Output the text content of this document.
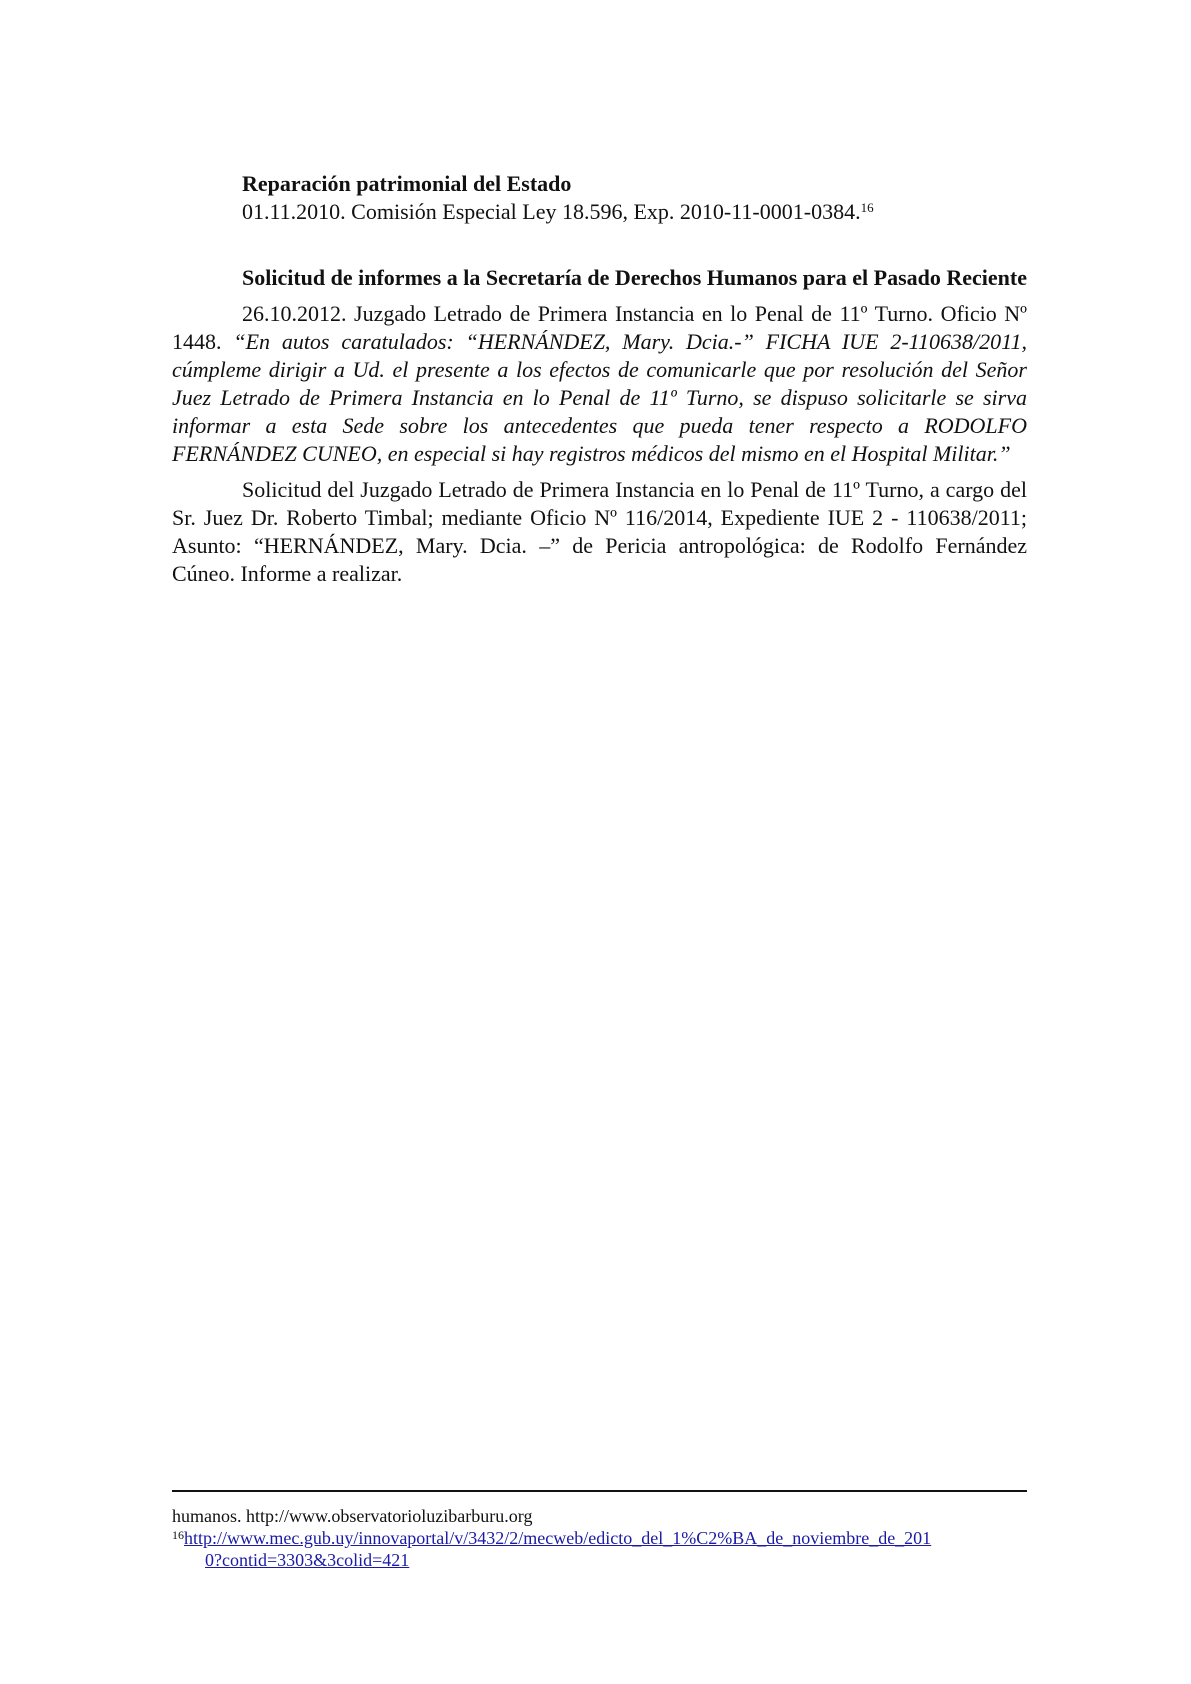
Reparación patrimonial del Estado

01.11.2010. Comisión Especial Ley 18.596, Exp. 2010-11-0001-0384.16

Solicitud de informes a la Secretaría de Derechos Humanos para el Pasado Reciente

26.10.2012. Juzgado Letrado de Primera Instancia en lo Penal de 11º Turno. Oficio Nº 1448. “En autos caratulados: “HERNÁNDEZ, Mary. Dcia.-” FICHA IUE 2-110638/2011, cúmpleme dirigir a Ud. el presente a los efectos de comunicarle que por resolución del Señor Juez Letrado de Primera Instancia en lo Penal de 11º Turno, se dispuso solicitarle se sirva informar a esta Sede sobre los antecedentes que pueda tener respecto a RODOLFO FERNÁNDEZ CUNEO, en especial si hay registros médicos del mismo en el Hospital Militar.”

Solicitud del Juzgado Letrado de Primera Instancia en lo Penal de 11º Turno, a cargo del Sr. Juez Dr. Roberto Timbal; mediante Oficio Nº 116/2014, Expediente IUE 2 - 110638/2011; Asunto: “HERNÁNDEZ, Mary. Dcia. –” de Pericia antropológica: de Rodolfo Fernández Cúneo. Informe a realizar.

humanos. http://www.observatorioluzibarburu.org

$^{16}$http://www.mec.gub.uy/innovaportal/v/3432/2/mecweb/edicto_del_1%C2%BA_de_noviembre_de_201

0?contid=3303&3colid=421
